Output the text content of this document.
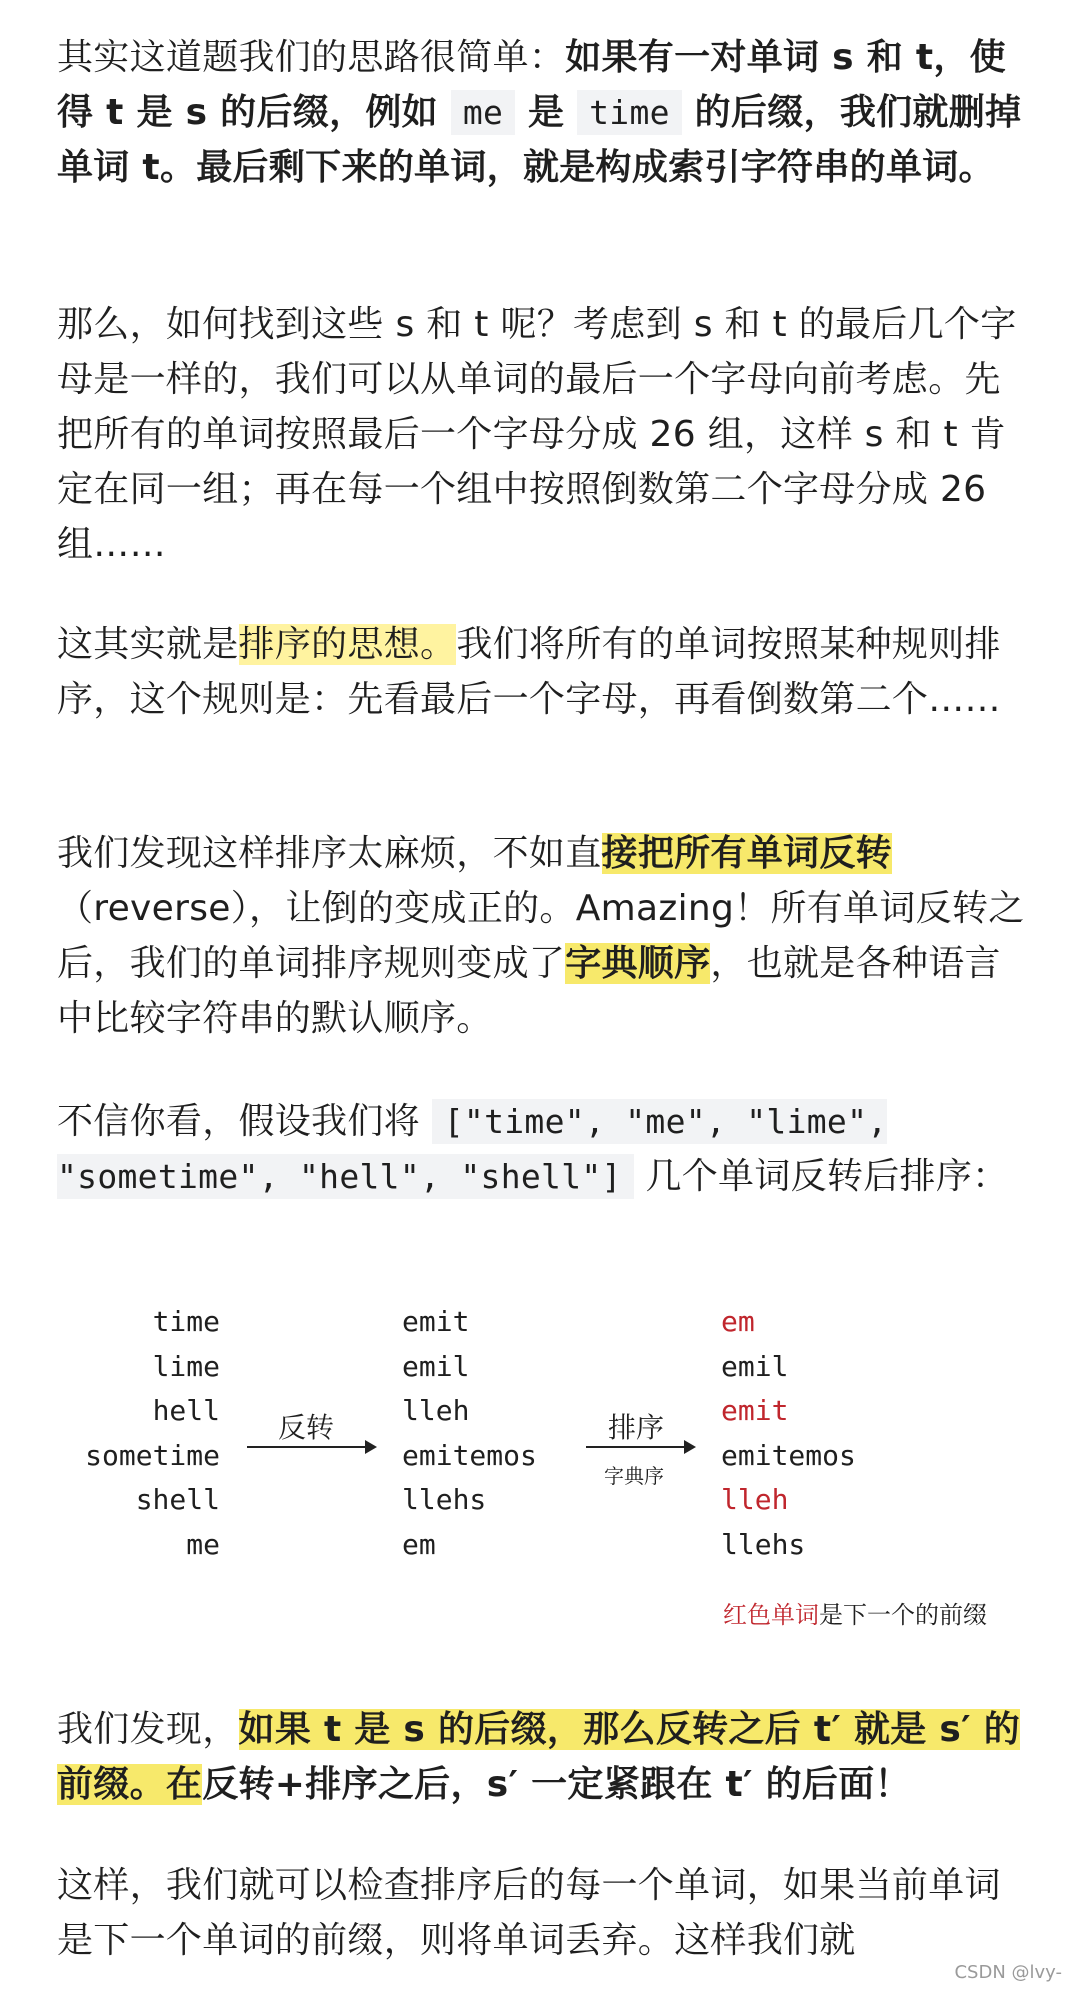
其实这道题我们的思路很简单：如果有一对单词 s 和 t，使得 t 是 s 的后缀，例如 me 是 time 的后缀，我们就删掉单词 t。最后剩下来的单词，就是构成索引字符串的单词。
那么，如何找到这些 s 和 t 呢？考虑到 s 和 t 的最后几个字母是一样的，我们可以从单词的最后一个字母向前考虑。先把所有的单词按照最后一个字母分成 26 组，这样 s 和 t 肯定在同一组；再在每一个组中按照倒数第二个字母分成 26 组……
这其实就是排序的思想。我们将所有的单词按照某种规则排序，这个规则是：先看最后一个字母，再看倒数第二个……
我们发现这样排序太麻烦，不如直接把所有单词反转（reverse），让倒的变成正的。Amazing！所有单词反转之后，我们的单词排序规则变成了字典顺序，也就是各种语言中比较字符串的默认顺序。
不信你看，假设我们将 ["time", "me", "lime", "sometime", "hell", "shell"] 几个单词反转后排序：
time
lime
hell
sometime
shell
me
反转
emit
emil
lleh
emitemos
llehs
em
排序
字典序
em
emil
emit
emitemos
lleh
llehs
红色单词是下一个的前缀
我们发现，如果 t 是 s 的后缀，那么反转之后 t′ 就是 s′ 的前缀。在反转+排序之后，s′ 一定紧跟在 t′ 的后面！
这样，我们就可以检查排序后的每一个单词，如果当前单词是下一个单词的前缀，则将单词丢弃。这样我们就
CSDN @lvy-
